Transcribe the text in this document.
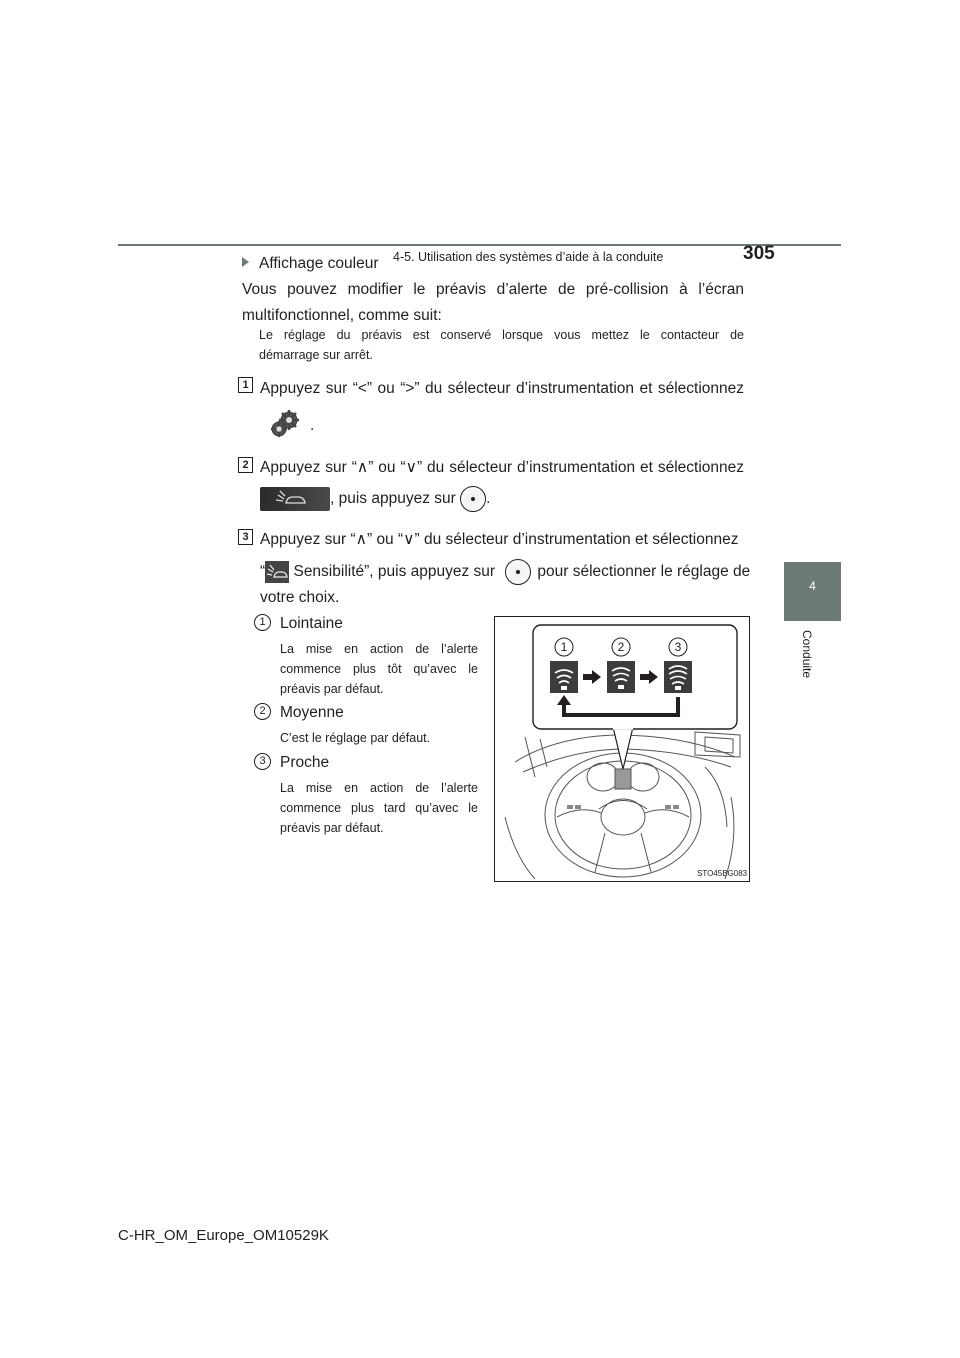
4-5. Utilisation des systèmes d’aide à la conduite	305
4
Conduite
Affichage couleur
Vous pouvez modifier le préavis d’alerte de pré-collision à l’écran
multifonctionnel, comme suit:
Le réglage du préavis est conservé lorsque vous mettez le contacteur de
démarrage sur arrêt.
1 Appuyez sur “<” ou “>” du sélecteur d’instrumentation et sélectionnez
.
2 Appuyez sur “∧” ou “∨” du sélecteur d’instrumentation et sélectionnez
, puis appuyez sur .
3 Appuyez sur “∧” ou “∨” du sélecteur d’instrumentation et sélectionnez
“
Sensibilité”, puis appuyez sur	pour sélectionner le réglage de
votre choix.
1 Lointaine
La mise en action de l’alerte
commence plus tôt qu’avec le
préavis par défaut.
2 Moyenne
C’est le réglage par défaut.
3 Proche
La mise en action de l’alerte
commence plus tard qu’avec le
préavis par défaut.
1	2	3
STO45BG083
C-HR_OM_Europe_OM10529K
